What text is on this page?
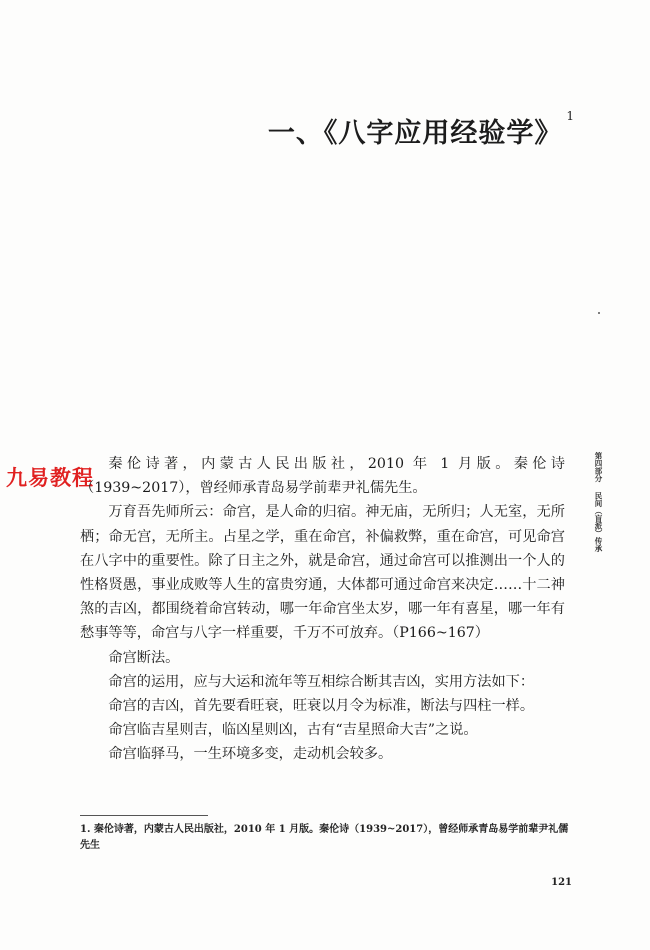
一、《八字应用经验学》$^1$
九易教程

秦伦诗著，内蒙古人民出版社，2010 年 1 月版。秦伦诗（1939~2017），曾经师承青岛易学前辈尹礼儒先生。

万育吾先师所云：命宫，是人命的归宿。神无庙，无所归；人无室，无所栖；命无宫，无所主。占星之学，重在命宫，补偏救弊，重在命宫，可见命宫在八字中的重要性。除了日主之外，就是命宫，通过命宫可以推测出一个人的性格贤愚，事业成败等人生的富贵穷通，大体都可通过命宫来决定……十二神煞的吉凶，都围绕着命宫转动，哪一年命宫坐太岁，哪一年有喜星，哪一年有愁事等等，命宫与八字一样重要，千万不可放弃。（P166~167）

命宫断法。

命宫的运用，应与大运和流年等互相综合断其吉凶，实用方法如下：

命宫的吉凶，首先要看旺衰，旺衰以月令为标准，断法与四柱一样。

命宫临吉星则吉，临凶星则凶，古有“吉星照命大吉”之说。

命宫临驿马，一生环境多变，走动机会较多。

第四部分民间（盲派）传承
1. 秦伦诗著，内蒙古人民出版社，2010 年 1 月版。秦伦诗（1939~2017），曾经师承青岛易学前辈尹礼儒先生
121
